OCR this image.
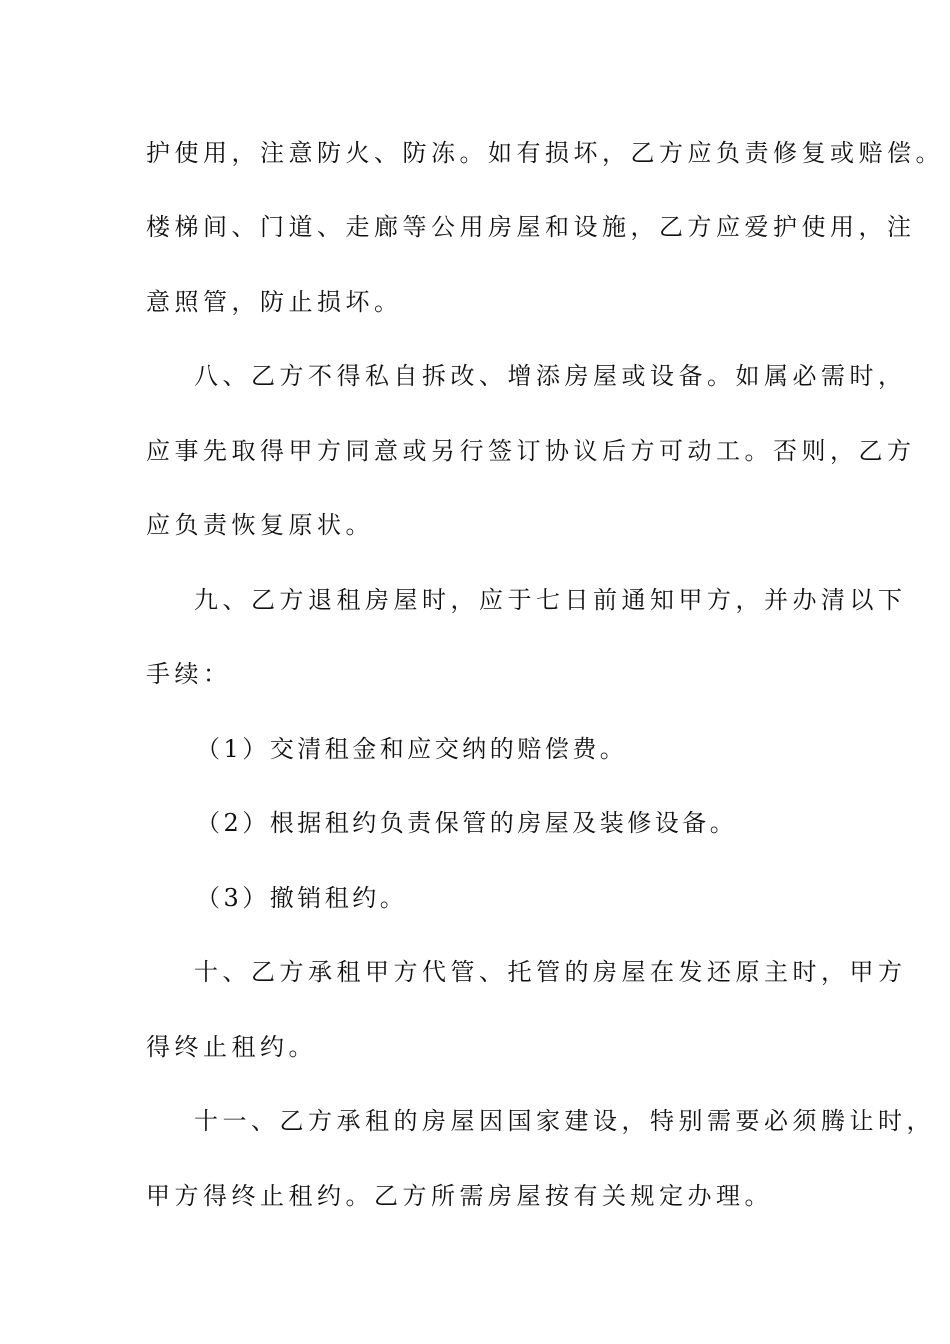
护使用，注意防火、防冻。如有损坏，乙方应负责修复或赔偿。
楼梯间、门道、走廊等公用房屋和设施，乙方应爱护使用，注
意照管，防止损坏。
八、乙方不得私自拆改、增添房屋或设备。如属必需时，
应事先取得甲方同意或另行签订协议后方可动工。否则，乙方
应负责恢复原状。
九、乙方退租房屋时，应于七日前通知甲方，并办清以下
手续：
（1）交清租金和应交纳的赔偿费。
（2）根据租约负责保管的房屋及装修设备。
（3）撤销租约。
十、乙方承租甲方代管、托管的房屋在发还原主时，甲方
得终止租约。
十一、乙方承租的房屋因国家建设，特别需要必须腾让时，
甲方得终止租约。乙方所需房屋按有关规定办理。
